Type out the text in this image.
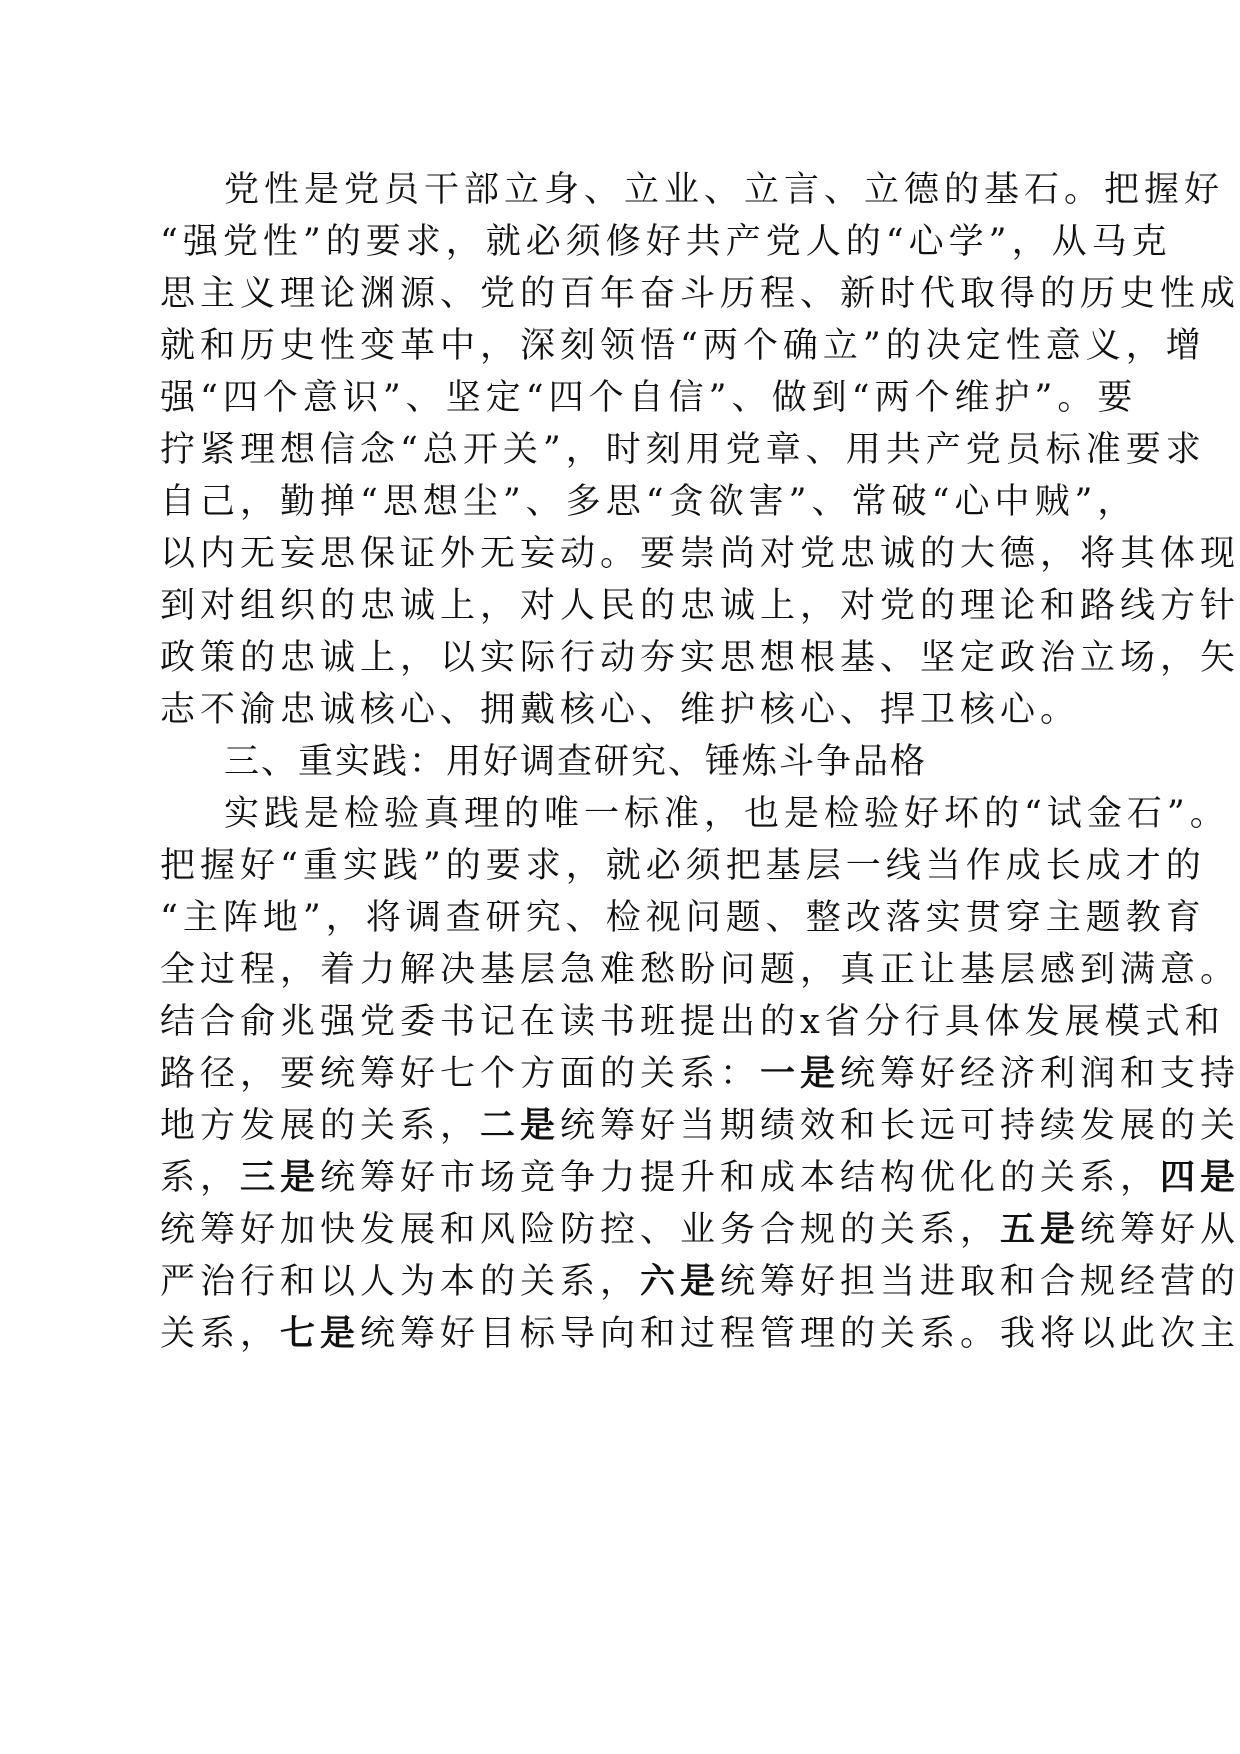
党性是党员干部立身、立业、立言、立德的基石。把握好
“强党性”的要求，就必须修好共产党人的“心学”，从马克
思主义理论渊源、党的百年奋斗历程、新时代取得的历史性成
就和历史性变革中，深刻领悟“两个确立”的决定性意义，增
强“四个意识”、坚定“四个自信”、做到“两个维护”。要
拧紧理想信念“总开关”，时刻用党章、用共产党员标准要求
自己，勤掸“思想尘”、多思“贪欲害”、常破“心中贼”，
以内无妄思保证外无妄动。要崇尚对党忠诚的大德，将其体现
到对组织的忠诚上，对人民的忠诚上，对党的理论和路线方针
政策的忠诚上，以实际行动夯实思想根基、坚定政治立场，矢
志不渝忠诚核心、拥戴核心、维护核心、捍卫核心。
三、重实践：用好调查研究、锤炼斗争品格
实践是检验真理的唯一标准，也是检验好坏的“试金石”。
把握好“重实践”的要求，就必须把基层一线当作成长成才的
“主阵地”，将调查研究、检视问题、整改落实贯穿主题教育
全过程，着力解决基层急难愁盼问题，真正让基层感到满意。
结合俞兆强党委书记在读书班提出的x省分行具体发展模式和
路径，要统筹好七个方面的关系：一是统筹好经济利润和支持
地方发展的关系，二是统筹好当期绩效和长远可持续发展的关
系，三是统筹好市场竞争力提升和成本结构优化的关系，四是
统筹好加快发展和风险防控、业务合规的关系，五是统筹好从
严治行和以人为本的关系，六是统筹好担当进取和合规经营的
关系，七是统筹好目标导向和过程管理的关系。我将以此次主
